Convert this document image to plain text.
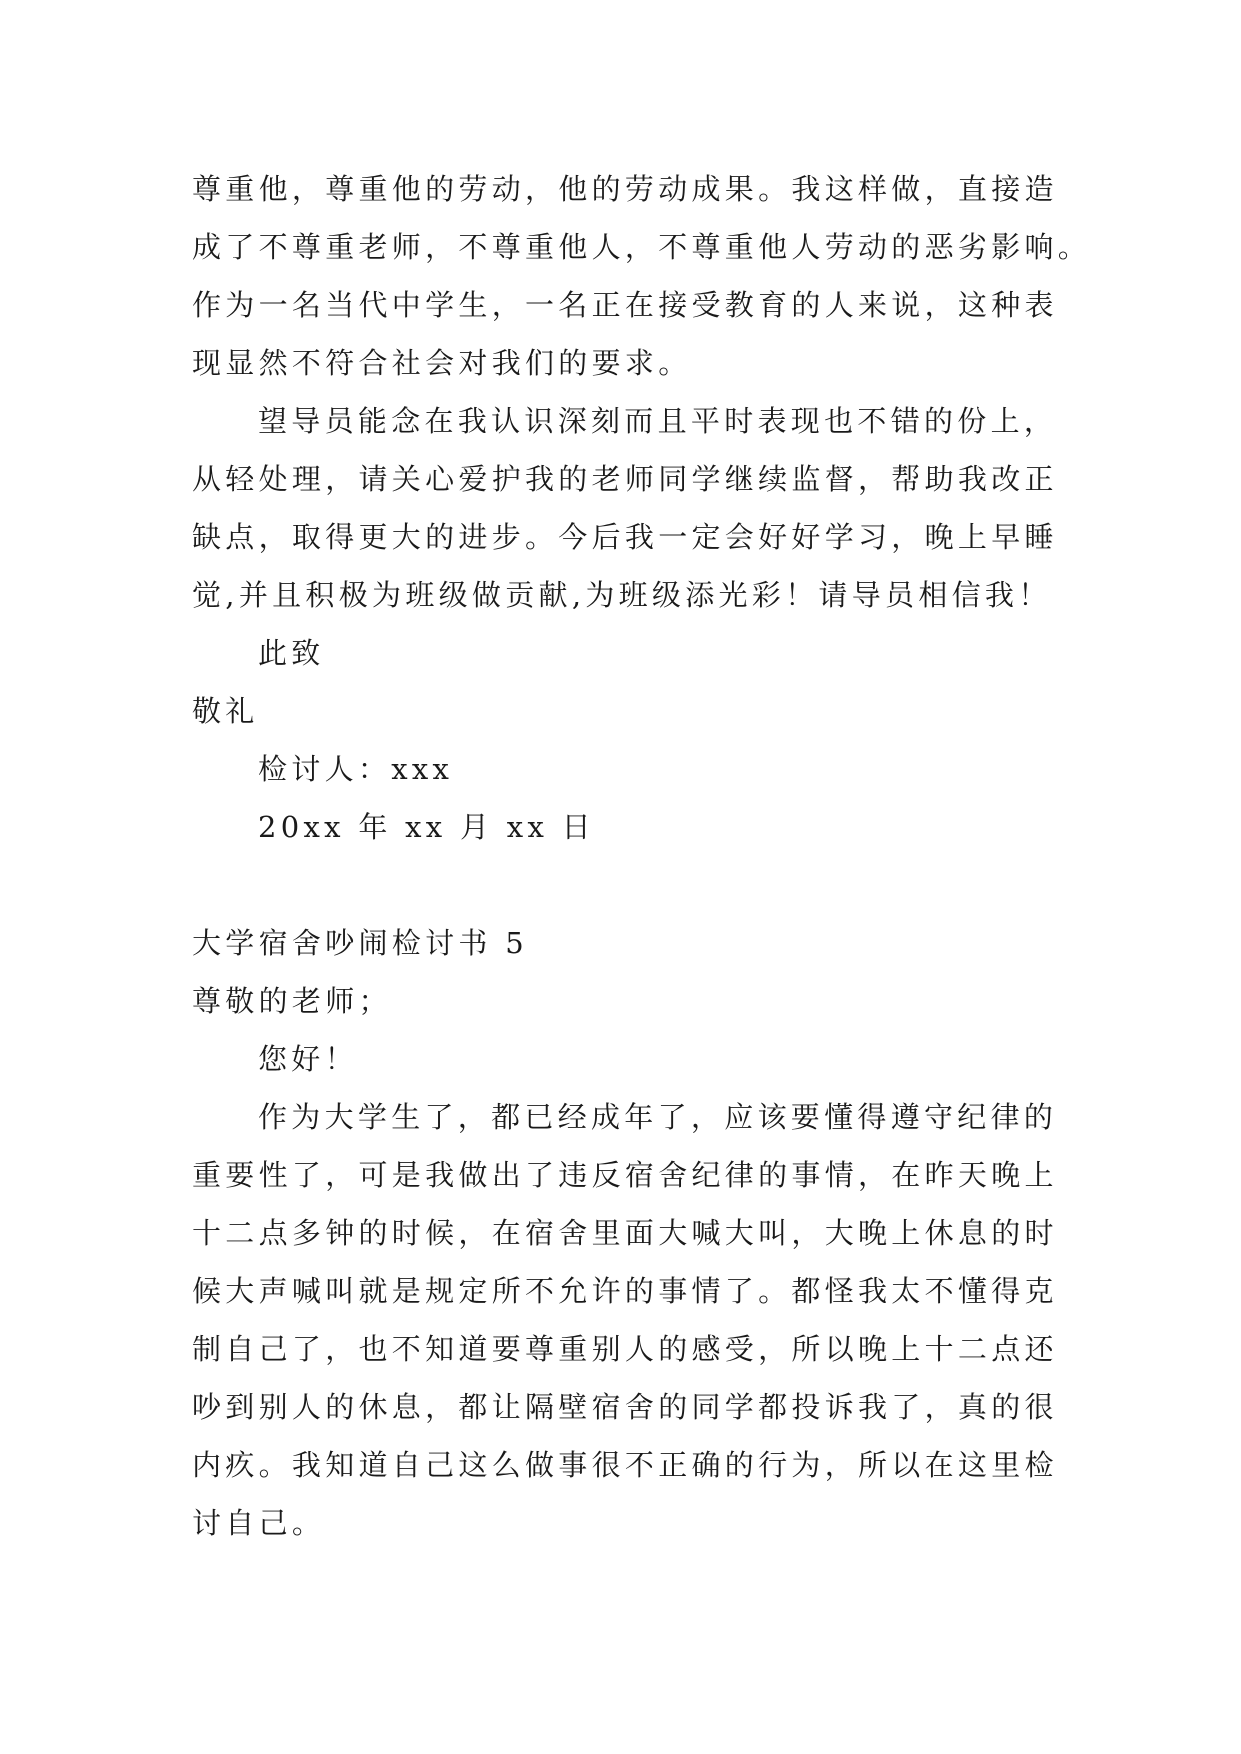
尊重他，尊重他的劳动，他的劳动成果。我这样做，直接造
成了不尊重老师，不尊重他人，不尊重他人劳动的恶劣影响。
作为一名当代中学生，一名正在接受教育的人来说，这种表
现显然不符合社会对我们的要求。
望导员能念在我认识深刻而且平时表现也不错的份上，
从轻处理，请关心爱护我的老师同学继续监督，帮助我改正
缺点，取得更大的进步。今后我一定会好好学习，晚上早睡
觉,并且积极为班级做贡献,为班级添光彩！请导员相信我！
此致
敬礼
检讨人：xxx
20xx 年 xx 月 xx 日
大学宿舍吵闹检讨书 5
尊敬的老师；
您好！
作为大学生了，都已经成年了，应该要懂得遵守纪律的
重要性了，可是我做出了违反宿舍纪律的事情，在昨天晚上
十二点多钟的时候，在宿舍里面大喊大叫，大晚上休息的时
候大声喊叫就是规定所不允许的事情了。都怪我太不懂得克
制自己了，也不知道要尊重别人的感受，所以晚上十二点还
吵到别人的休息，都让隔壁宿舍的同学都投诉我了，真的很
内疚。我知道自己这么做事很不正确的行为，所以在这里检
讨自己。
